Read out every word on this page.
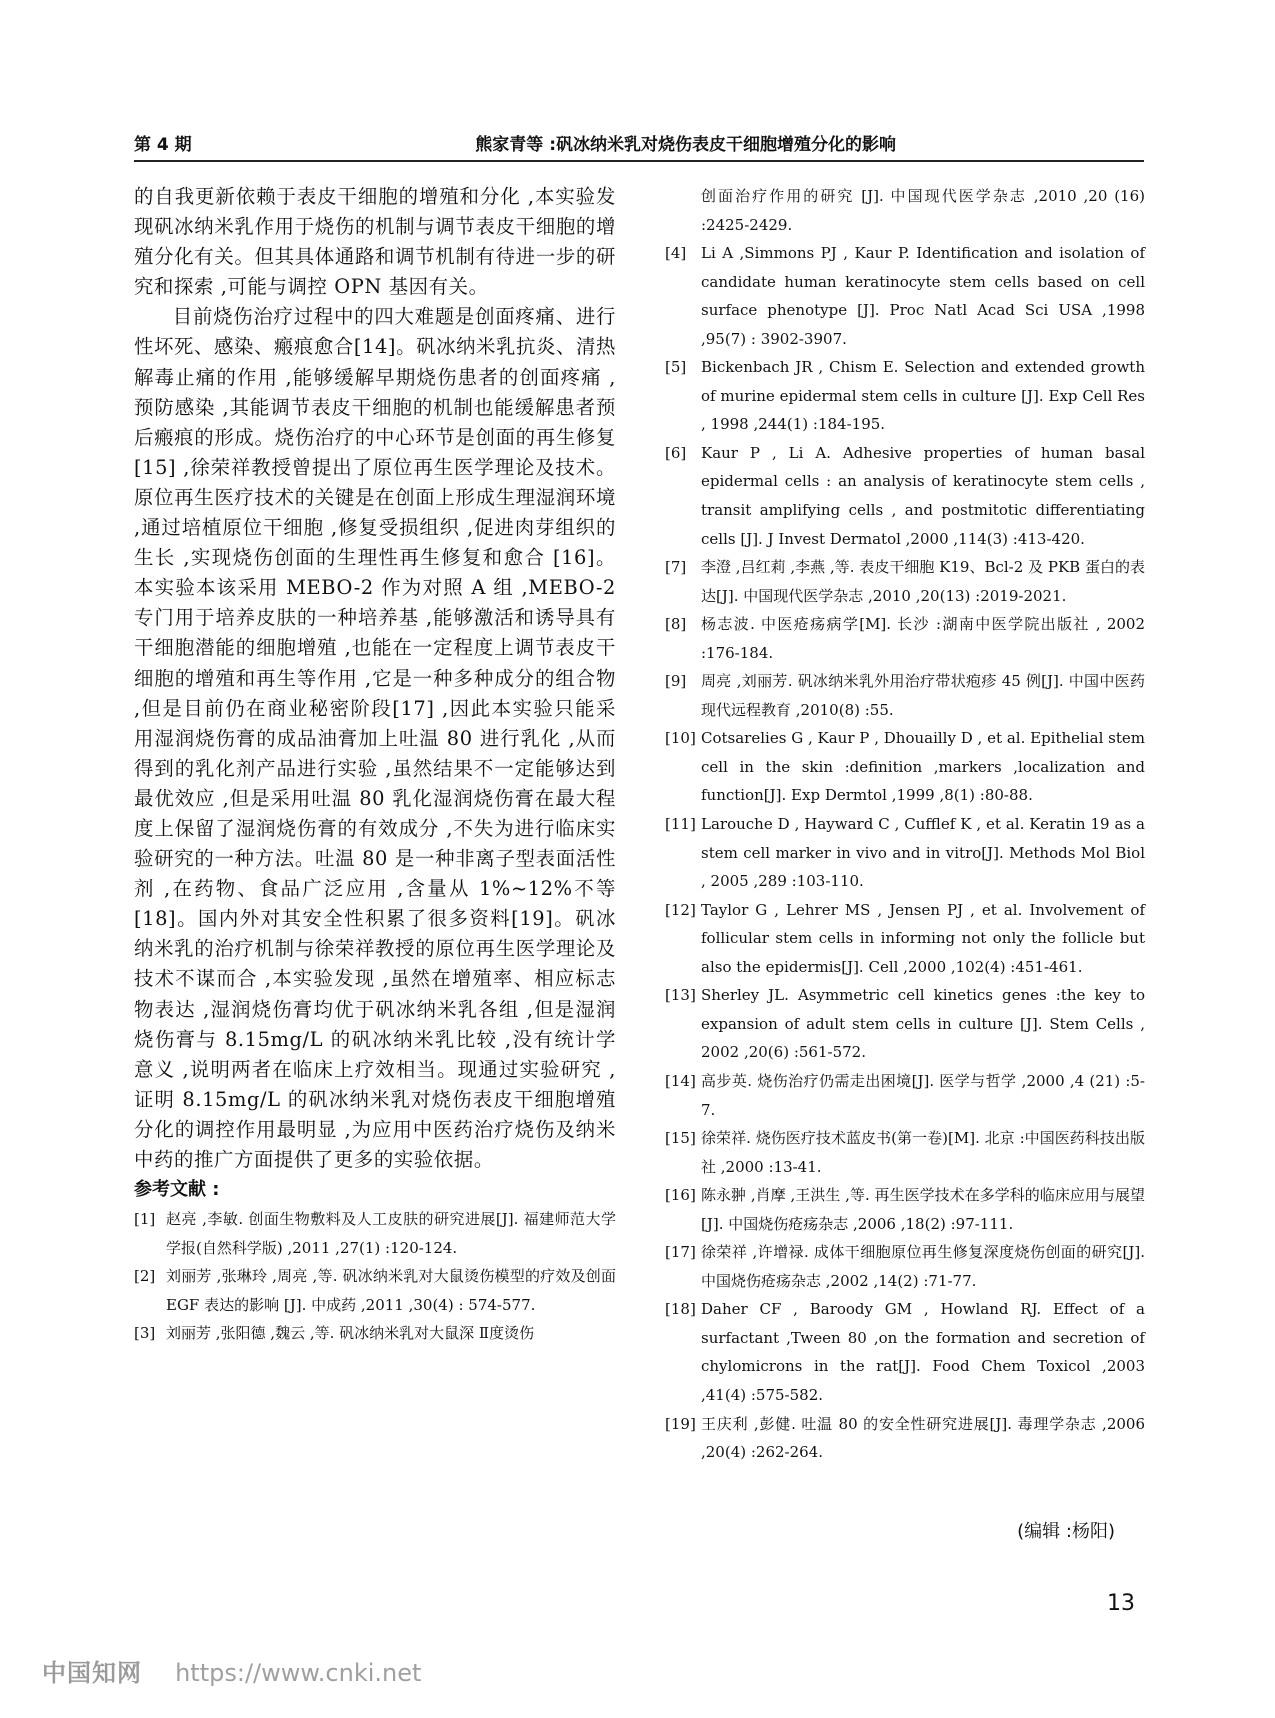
第 4 期	熊家青等 :矾冰纳米乳对烧伤表皮干细胞增殖分化的影响

的自我更新依赖于表皮干细胞的增殖和分化 ,本实验发现矾冰纳米乳作用于烧伤的机制与调节表皮干细胞的增殖分化有关。但其具体通路和调节机制有待进一步的研究和探索 ,可能与调控 OPN 基因有关。

目前烧伤治疗过程中的四大难题是创面疼痛、进行性坏死、感染、瘢痕愈合[14]。矾冰纳米乳抗炎、清热解毒止痛的作用 ,能够缓解早期烧伤患者的创面疼痛 ,预防感染 ,其能调节表皮干细胞的机制也能缓解患者预后瘢痕的形成。烧伤治疗的中心环节是创面的再生修复[15] ,徐荣祥教授曾提出了原位再生医学理论及技术。原位再生医疗技术的关键是在创面上形成生理湿润环境 ,通过培植原位干细胞 ,修复受损组织 ,促进肉芽组织的生长 ,实现烧伤创面的生理性再生修复和愈合 [16]。本实验本该采用 MEBO-2 作为对照 A 组 ,MEBO-2 专门用于培养皮肤的一种培养基 ,能够激活和诱导具有干细胞潜能的细胞增殖 ,也能在一定程度上调节表皮干细胞的增殖和再生等作用 ,它是一种多种成分的组合物 ,但是目前仍在商业秘密阶段[17] ,因此本实验只能采用湿润烧伤膏的成品油膏加上吐温 80 进行乳化 ,从而得到的乳化剂产品进行实验 ,虽然结果不一定能够达到最优效应 ,但是采用吐温 80 乳化湿润烧伤膏在最大程度上保留了湿润烧伤膏的有效成分 ,不失为进行临床实验研究的一种方法。吐温 80 是一种非离子型表面活性剂 ,在药物、食品广泛应用 ,含量从 1%~12%不等[18]。国内外对其安全性积累了很多资料[19]。矾冰纳米乳的治疗机制与徐荣祥教授的原位再生医学理论及技术不谋而合 ,本实验发现 ,虽然在增殖率、相应标志物表达 ,湿润烧伤膏均优于矾冰纳米乳各组 ,但是湿润烧伤膏与 8.15mg/L 的矾冰纳米乳比较 ,没有统计学意义 ,说明两者在临床上疗效相当。现通过实验研究 ,证明 8.15mg/L 的矾冰纳米乳对烧伤表皮干细胞增殖分化的调控作用最明显 ,为应用中医药治疗烧伤及纳米中药的推广方面提供了更多的实验依据。

参考文献 :
[1] 赵亮 ,李敏. 创面生物敷料及人工皮肤的研究进展[J]. 福建师范大学学报(自然科学版) ,2011 ,27(1) :120-124.
[2] 刘丽芳 ,张琳玲 ,周亮 ,等. 矾冰纳米乳对大鼠烫伤模型的疗效及创面 EGF 表达的影响 [J]. 中成药 ,2011 ,30(4) : 574-577.
[3] 刘丽芳 ,张阳德 ,魏云 ,等. 矾冰纳米乳对大鼠深 Ⅱ度烫伤
创面治疗作用的研究 [J]. 中国现代医学杂志 ,2010 ,20 (16) :2425-2429.
[4] Li A ,Simmons PJ , Kaur P. Identification and isolation of candidate human keratinocyte stem cells based on cell surface phenotype [J]. Proc Natl Acad Sci USA ,1998 ,95(7) : 3902-3907.
[5] Bickenbach JR , Chism E. Selection and extended growth of murine epidermal stem cells in culture [J]. Exp Cell Res , 1998 ,244(1) :184-195.
[6] Kaur P , Li A. Adhesive properties of human basal epidermal cells : an analysis of keratinocyte stem cells , transit amplifying cells , and postmitotic differentiating cells [J]. J Invest Dermatol ,2000 ,114(3) :413-420.
[7] 李澄 ,吕红莉 ,李燕 ,等. 表皮干细胞 K19、Bcl-2 及 PKB 蛋白的表达[J]. 中国现代医学杂志 ,2010 ,20(13) :2019-2021.
[8] 杨志波. 中医疮疡病学[M]. 长沙 :湖南中医学院出版社 , 2002 :176-184.
[9] 周亮 ,刘丽芳. 矾冰纳米乳外用治疗带状疱疹 45 例[J]. 中国中医药现代远程教育 ,2010(8) :55.
[10] Cotsarelies G , Kaur P , Dhouailly D , et al. Epithelial stem cell in the skin :definition ,markers ,localization and function[J]. Exp Dermtol ,1999 ,8(1) :80-88.
[11] Larouche D , Hayward C , Cufflef K , et al. Keratin 19 as a stem cell marker in vivo and in vitro[J]. Methods Mol Biol , 2005 ,289 :103-110.
[12] Taylor G , Lehrer MS , Jensen PJ , et al. Involvement of follicular stem cells in informing not only the follicle but also the epidermis[J]. Cell ,2000 ,102(4) :451-461.
[13] Sherley JL. Asymmetric cell kinetics genes :the key to expansion of adult stem cells in culture [J]. Stem Cells , 2002 ,20(6) :561-572.
[14] 高步英. 烧伤治疗仍需走出困境[J]. 医学与哲学 ,2000 ,4 (21) :5-7.
[15] 徐荣祥. 烧伤医疗技术蓝皮书(第一卷)[M]. 北京 :中国医药科技出版社 ,2000 :13-41.
[16] 陈永翀 ,肖摩 ,王洪生 ,等. 再生医学技术在多学科的临床应用与展望[J]. 中国烧伤疮疡杂志 ,2006 ,18(2) :97-111.
[17] 徐荣祥 ,许增禄. 成体干细胞原位再生修复深度烧伤创面的研究[J]. 中国烧伤疮疡杂志 ,2002 ,14(2) :71-77.
[18] Daher CF , Baroody GM , Howland RJ. Effect of a surfactant ,Tween 80 ,on the formation and secretion of chylomicrons in the rat[J]. Food Chem Toxicol ,2003 ,41(4) :575-582.
[19] 王庆利 ,彭健. 吐温 80 的安全性研究进展[J]. 毒理学杂志 ,2006 ,20(4) :262-264.
(编辑 :杨阳)
13
中国知网 https://www.cnki.net
